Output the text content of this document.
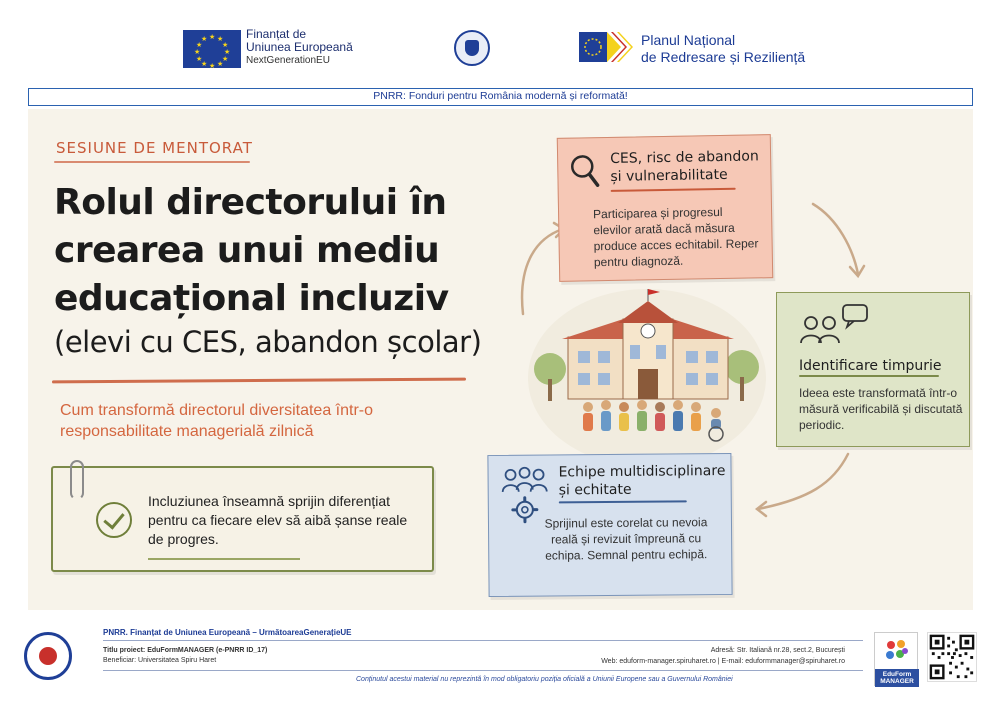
★ ★
★
★
★
★
★
★
★
★
★
★	Finanțat de
Uniunea Europeană
NextGenerationEU
Planul Național
de Redresare și Reziliență
PNRR: Fonduri pentru România modernă și reformată!
SESIUNE DE MENTORAT
Rolul directorului în
crearea unui mediu
educațional incluziv
(elevi cu CES, abandon școlar)
Cum transformă directorul diversitatea într-o responsabilitate managerială zilnică
Incluziunea înseamnă sprijin diferențiat pentru ca fiecare elev să aibă șanse reale de progres.
CES, risc de abandon și vulnerabilitate
Participarea și progresul elevilor arată dacă măsura produce acces echitabil. Reper pentru diagnoză.
Identificare timpurie
Ideea este transformată într-o măsură verificabilă și discutată periodic.
Echipe multidisciplinare și echitate
Sprijinul este corelat cu nevoia reală și revizuit împreună cu echipa. Semnal pentru echipă.
PNRR. Finanțat de Uniunea Europeană – UrmătoareaGenerațieUE
Titlu proiect: EduFormMANAGER (e-PNRR ID_17)
Beneficiar: Universitatea Spiru Haret
Adresă: Str. Italiană nr.28, sect.2, București
Web: eduform-manager.spiruharet.ro | E-mail: eduformmanager@spiruharet.ro
Conținutul acestui material nu reprezintă în mod obligatoriu poziția oficială a Uniunii Europene sau a Guvernului României
EduForm
MANAGER
